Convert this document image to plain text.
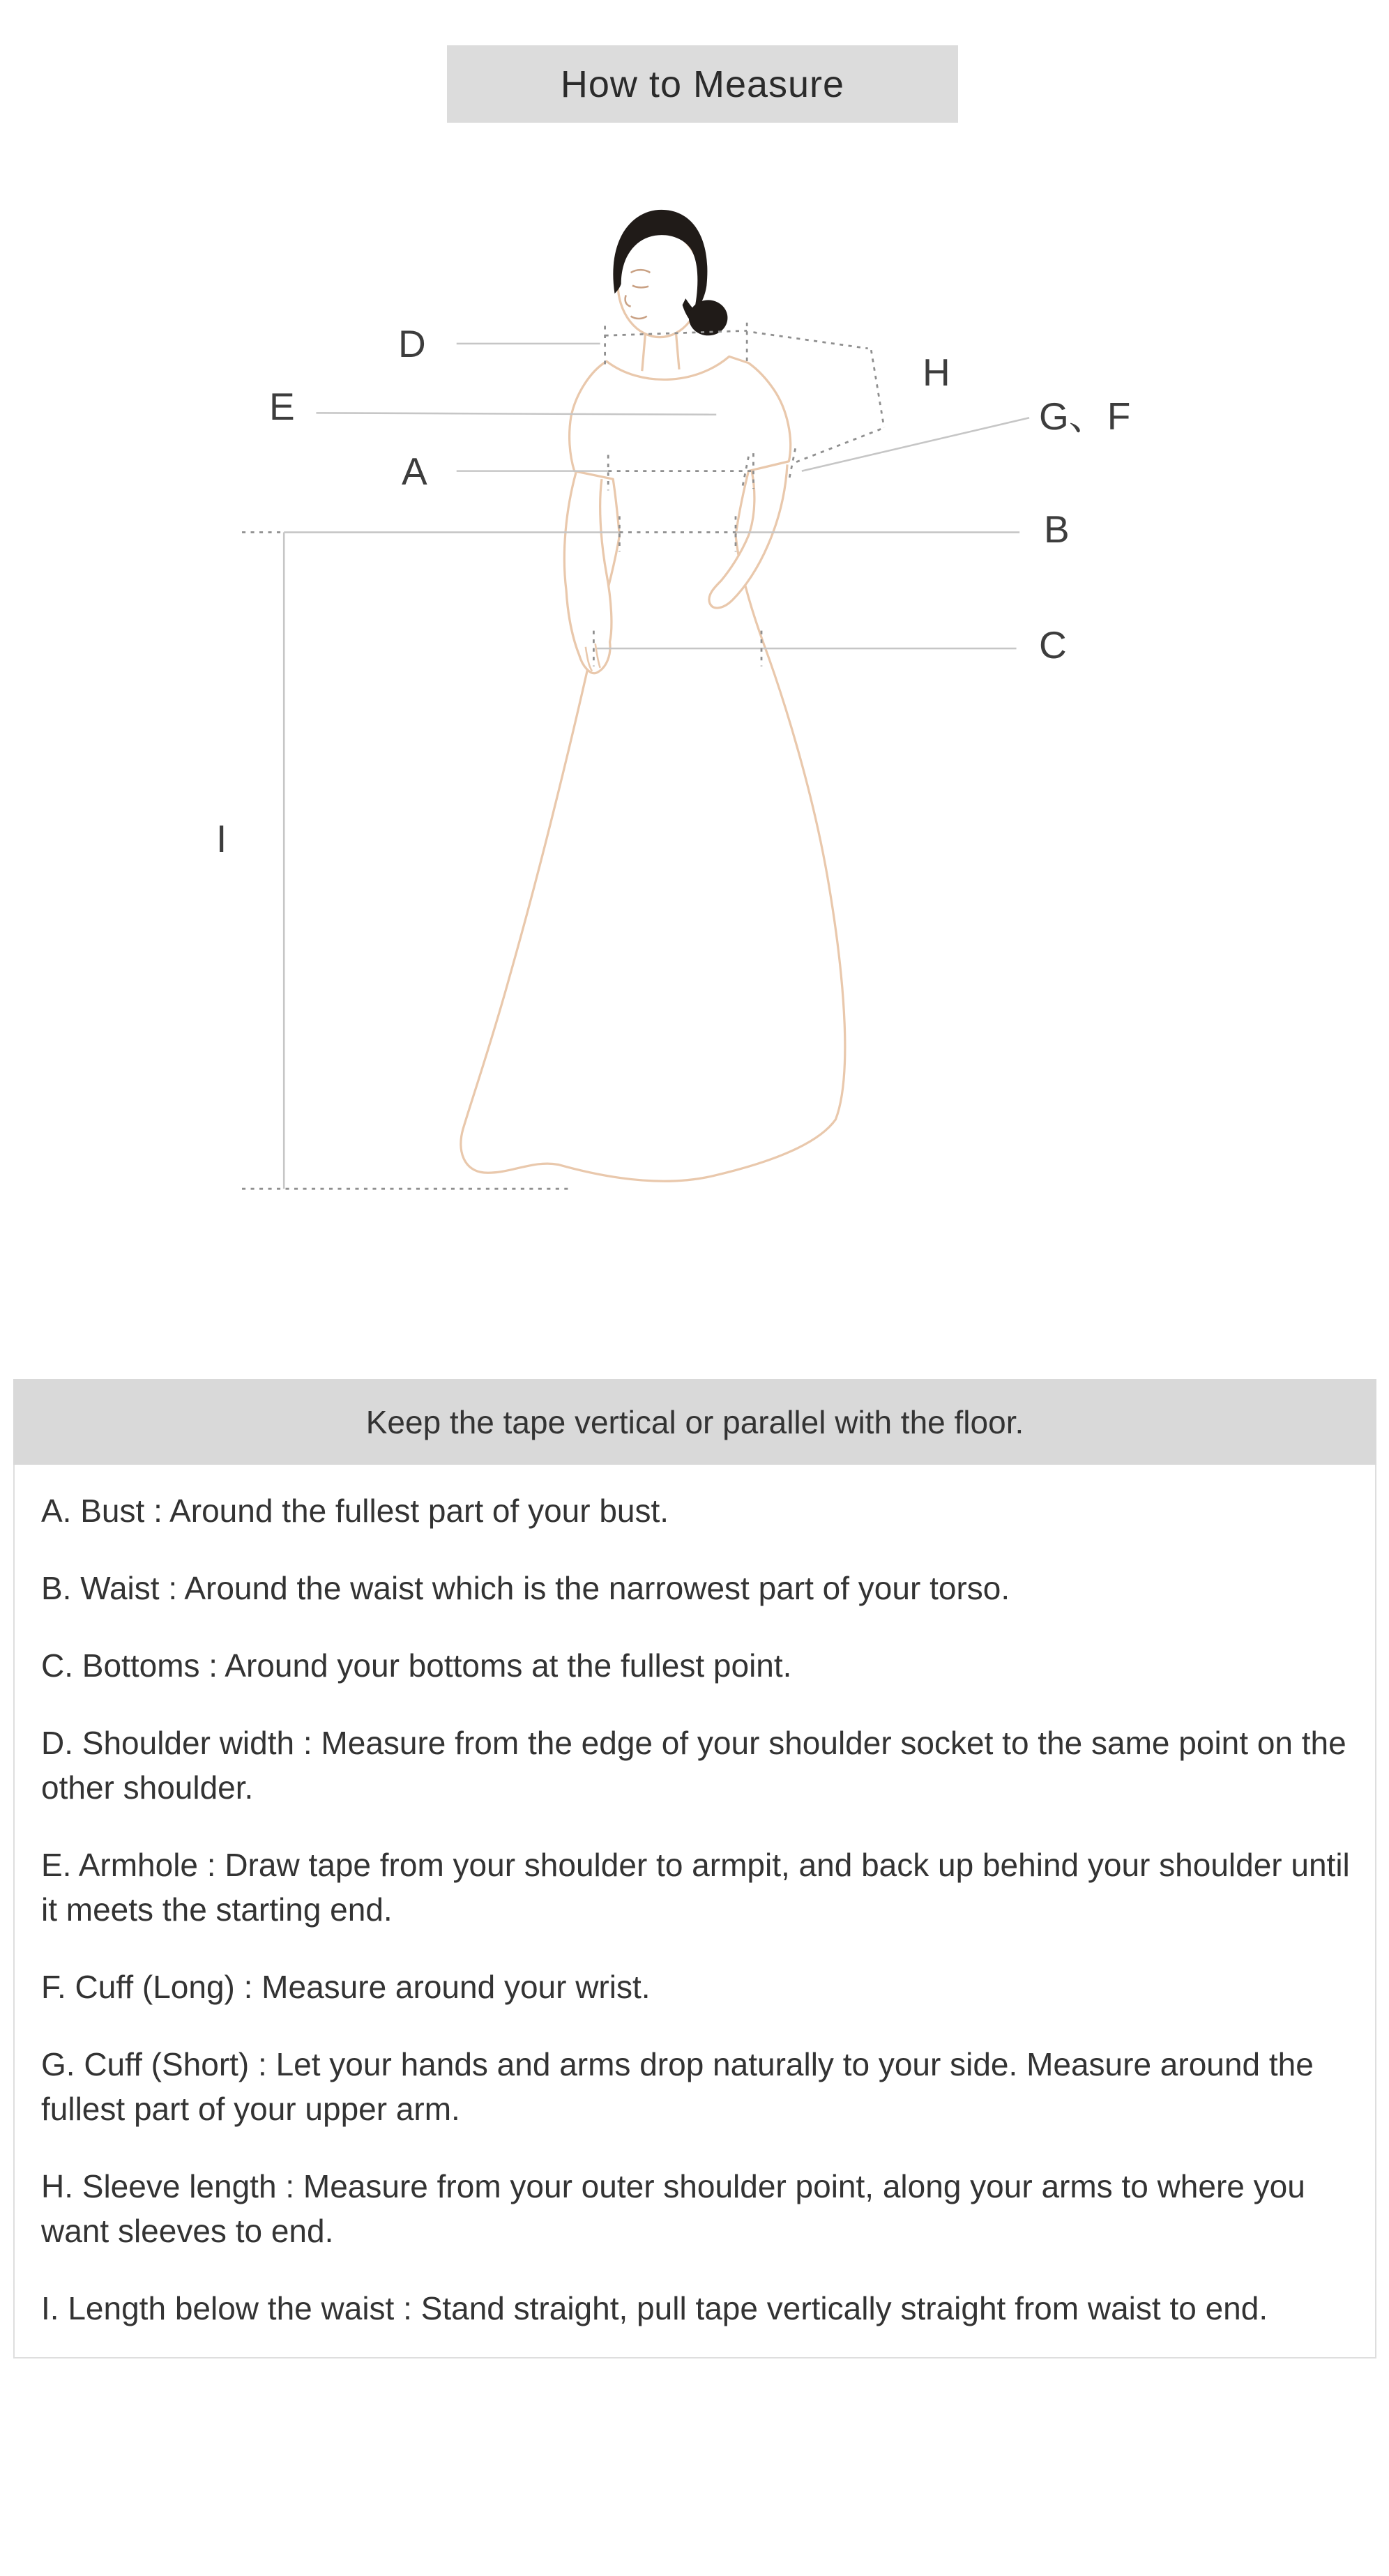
How to Measure
D
E
A
H
G、F
B
C
I
Keep the tape vertical or parallel with the floor.

A. Bust : Around the fullest part of your bust.

B. Waist : Around the waist which is the narrowest part of your torso.

C. Bottoms : Around your bottoms at the fullest point.

D. Shoulder width : Measure from the edge of your shoulder socket to the same point on the other shoulder.

E. Armhole : Draw tape from your shoulder to armpit, and back up behind your shoulder until it meets the starting end.

F. Cuff (Long) : Measure around your wrist.

G. Cuff (Short) : Let your hands and arms drop naturally to your side. Measure around the fullest part of your upper arm.

H. Sleeve length : Measure from your outer shoulder point, along your arms to where you want sleeves to end.

I. Length below the waist : Stand straight, pull tape vertically straight from waist to end.
